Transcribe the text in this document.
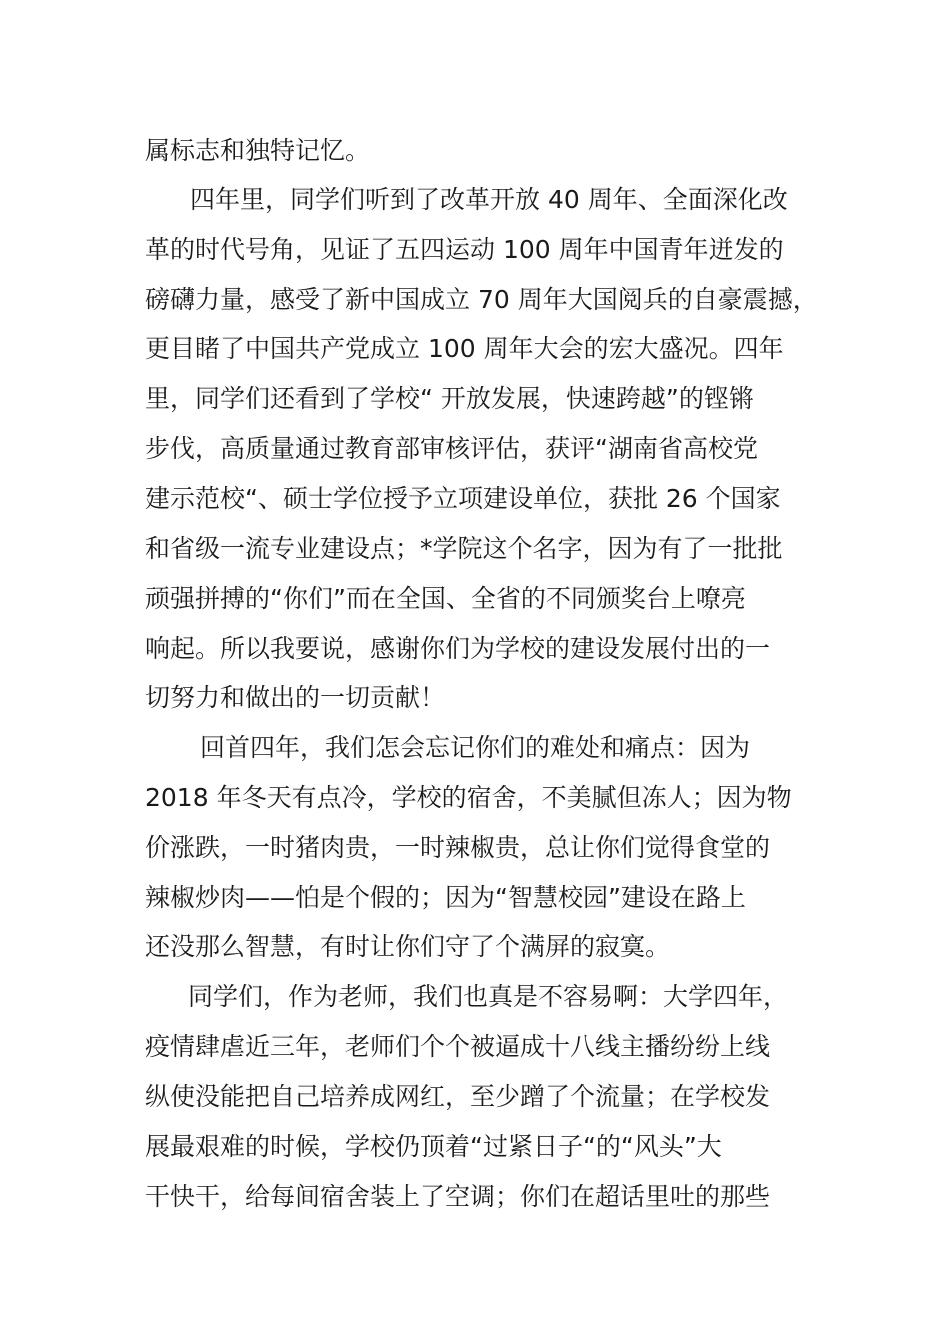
属标志和独特记忆。

四年里，同学们听到了改革开放 40 周年、全面深化改

革的时代号角，见证了五四运动 100 周年中国青年迸发的

磅礴力量，感受了新中国成立 70 周年大国阅兵的自豪震撼，

更目睹了中国共产党成立 100 周年大会的宏大盛况。四年

里，同学们还看到了学校“ 开放发展，快速跨越”的铿锵

步伐，高质量通过教育部审核评估，获评“湖南省高校党

建示范校“、硕士学位授予立项建设单位，获批 26 个国家

和省级一流专业建设点；*学院这个名字，因为有了一批批

顽强拼搏的“你们”而在全国、全省的不同颁奖台上嘹亮

响起。所以我要说，感谢你们为学校的建设发展付出的一

切努力和做出的一切贡献！

回首四年，我们怎会忘记你们的难处和痛点：因为

2018 年冬天有点冷，学校的宿舍，不美腻但冻人；因为物

价涨跌，一时猪肉贵，一时辣椒贵，总让你们觉得食堂的

辣椒炒肉——怕是个假的；因为“智慧校园”建设在路上

还没那么智慧，有时让你们守了个满屏的寂寞。

同学们，作为老师，我们也真是不容易啊：大学四年，

疫情肆虐近三年，老师们个个被逼成十八线主播纷纷上线

纵使没能把自己培养成网红，至少蹭了个流量；在学校发

展最艰难的时候，学校仍顶着“过紧日子“的“风头”大

干快干，给每间宿舍装上了空调；你们在超话里吐的那些
